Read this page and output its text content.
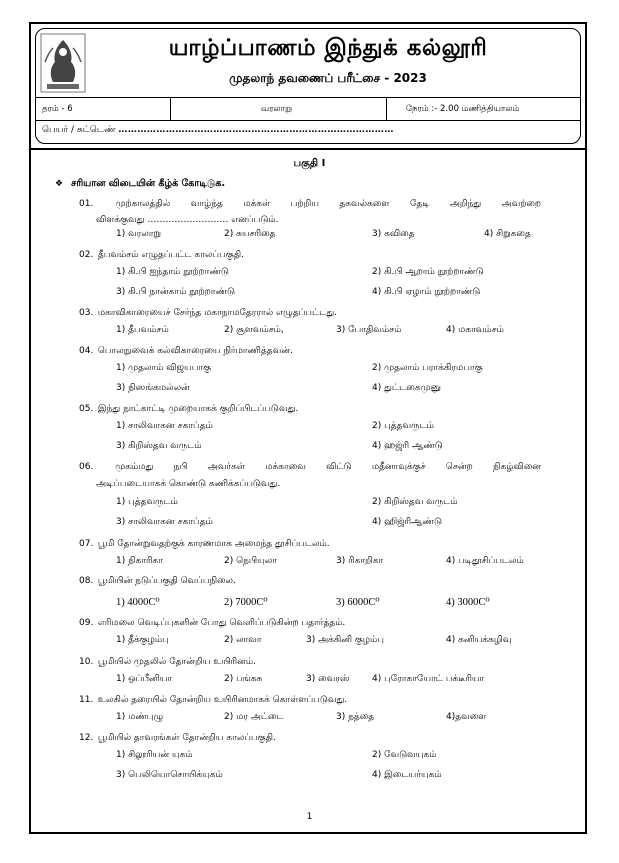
யாழ்ப்பாணம் இந்துக் கல்லூரி
முதலாந் தவணைப் பரீட்சை - 2023
தரம் - 6	வரலாறு	நேரம் :- 2.00 மணித்தியாலம்
பெயர் / சுட்டெண் ……………………………………………………………………………
பகுதி I
❖ சரியான விடையின் கீழ்க் கோடிடுக.
01. முற்காலத்தில் வாழ்ந்த மக்கள் பற்றிய தகவல்களை தேடி அறிந்து அவற்றை
விளக்குவது ……………………… எனப்படும்.
1) வரலாறு	2) சுயசரிதை	3) கவிதை	4) சிறுகதை
02. தீபவம்சம் எழுதப்பட்ட காலப்பகுதி.
1) கி.பி ஐந்தாம் நூற்றாண்டு	2) கி.பி ஆறாம் நூற்றாண்டு
3) கி.பி நான்காம் நூற்றாண்டு	4) கி.பி ஏழாம் நூற்றாண்டு
03. மகாவிகாரையைச் சேர்ந்த மகாநாமதேரரால் எழுதப்பட்டது.
1) தீபவம்சம்	2) சூளவம்சம்,	3) போதிவம்சம்	4) மகாவம்சம்
04. பொலநுவைக் கல்விகாரையை நிர்மாணித்தவன்.
1) முதலாம் விஜயபாகு	2) முதலாம் பராக்கிரமபாகு
3) நிஸங்கமல்லன்	4) துட்டகைமுனு
05. இந்து நாட்காட்டி முறையாகக் குறிப்பிடப்படுவது.
1) சாலிவாகன சகாப்தம்	2) புத்தவருடம்
3) கிறிஸ்தவ வருடம்	4) ஹஜ்ரி ஆண்டு
06. முகம்மது நபி அவர்கள் மக்காவை விட்டு மதீனாவுக்குச் சென்ற நிகழ்வினை
அடிப்படையாகக் கொண்டு கணிக்கப்படுவது.
1) புத்தவருடம்	2) கிறிஸ்தவ வருடம்
3) சாலிவாகன சகாப்தம்	4) ஹிஜ்ரிஆண்டு
07. பூமி தோன்றுவதற்குக் காரணமாக அமைந்த தூசிப்படலம்.
1) நிகாரிகா	2) நெபியுலா	3) ரிகாறிகா	4) படிதூசிப்படலம்
08. பூமியின் நடுப்பகுதி வெப்பநிலை.
1) 4000C⁰	2) 7000C⁰	3) 6000C⁰	4) 3000C⁰
09. எரிமலை வெடிப்புகளின் போது வெளிப்படுகின்ற பதார்த்தம்.
1) தீக்குழம்பு	2) லாவா	3) அக்கினி குழம்பு	4) கனியக்கழிவு
10. பூமியில் முதலில் தோன்றிய உயிரினம்.
1) ஒப்பீனியா	2) பங்கசு	3) வைரஸ் 4) புரோகாயோட் பக்டீரியா
11. உலகில் தரையில் தோன்றிய உயிரினமாகக் கொள்ளப்படுவது.
1) மண்புழு	2) மர அட்டை	3) நத்தை	4)தவளை
12. பூமியில் தாவரங்கள் தோன்றிய காலப்பகுதி.
1) சிலூரியன் யுகம்	2) வேடுவயுகம்
3) பெலியொசொயிக்யுகம்	4) இடையர்யுகம்
1
